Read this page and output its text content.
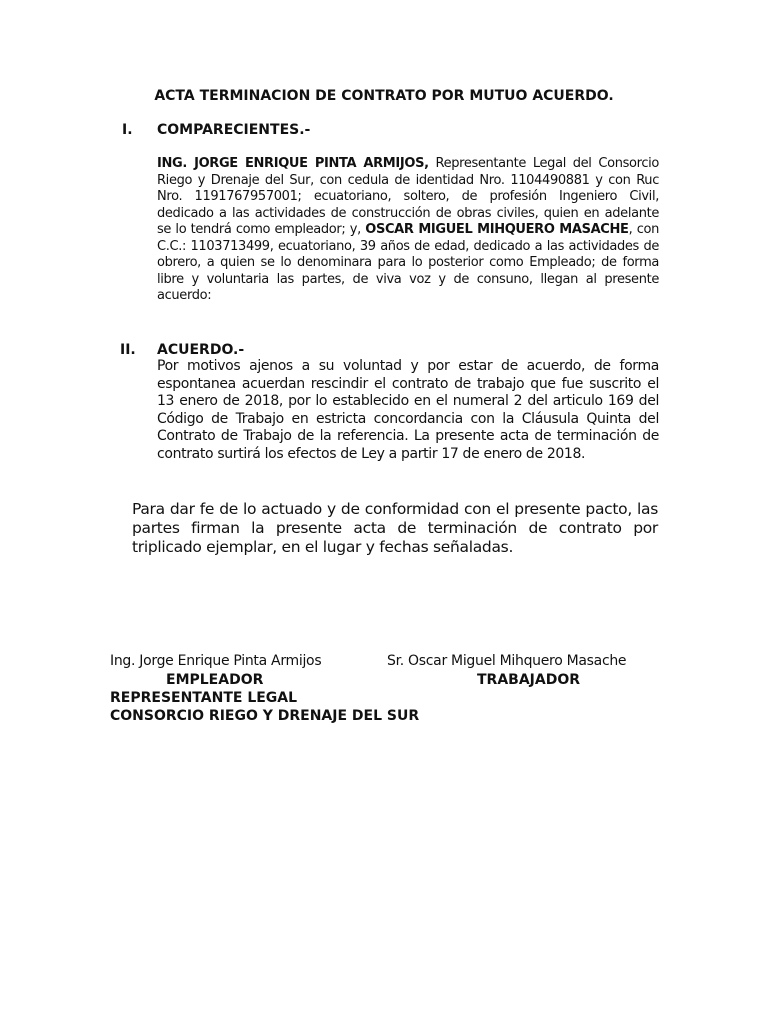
ACTA TERMINACION DE CONTRATO POR MUTUO ACUERDO.
I. COMPARECIENTES.-
ING. JORGE ENRIQUE PINTA ARMIJOS, Representante Legal del Consorcio Riego y Drenaje del Sur, con cedula de identidad Nro. 1104490881 y con Ruc Nro. 1191767957001; ecuatoriano, soltero, de profesión Ingeniero Civil, dedicado a las actividades de construcción de obras civiles, quien en adelante se lo tendrá como empleador; y, OSCAR MIGUEL MIHQUERO MASACHE, con C.C.: 1103713499, ecuatoriano, 39 años de edad, dedicado a las actividades de obrero, a quien se lo denominara para lo posterior como Empleado; de forma libre y voluntaria las partes, de viva voz y de consuno, llegan al presente acuerdo:
II. ACUERDO.-
Por motivos ajenos a su voluntad y por estar de acuerdo, de forma espontanea acuerdan rescindir el contrato de trabajo que fue suscrito el 13 enero de 2018, por lo establecido en el numeral 2 del articulo 169 del Código de Trabajo en estricta concordancia con la Cláusula Quinta del Contrato de Trabajo de la referencia. La presente acta de terminación de contrato surtirá los efectos de Ley a partir 17 de enero de 2018.
Para dar fe de lo actuado y de conformidad con el presente pacto, las partes firman la presente acta de terminación de contrato por triplicado ejemplar, en el lugar y fechas señaladas.
Ing. Jorge Enrique Pinta Armijos	Sr. Oscar Miguel Mihquero Masache
EMPLEADOR	TRABAJADOR
REPRESENTANTE LEGAL
CONSORCIO RIEGO Y DRENAJE DEL SUR
